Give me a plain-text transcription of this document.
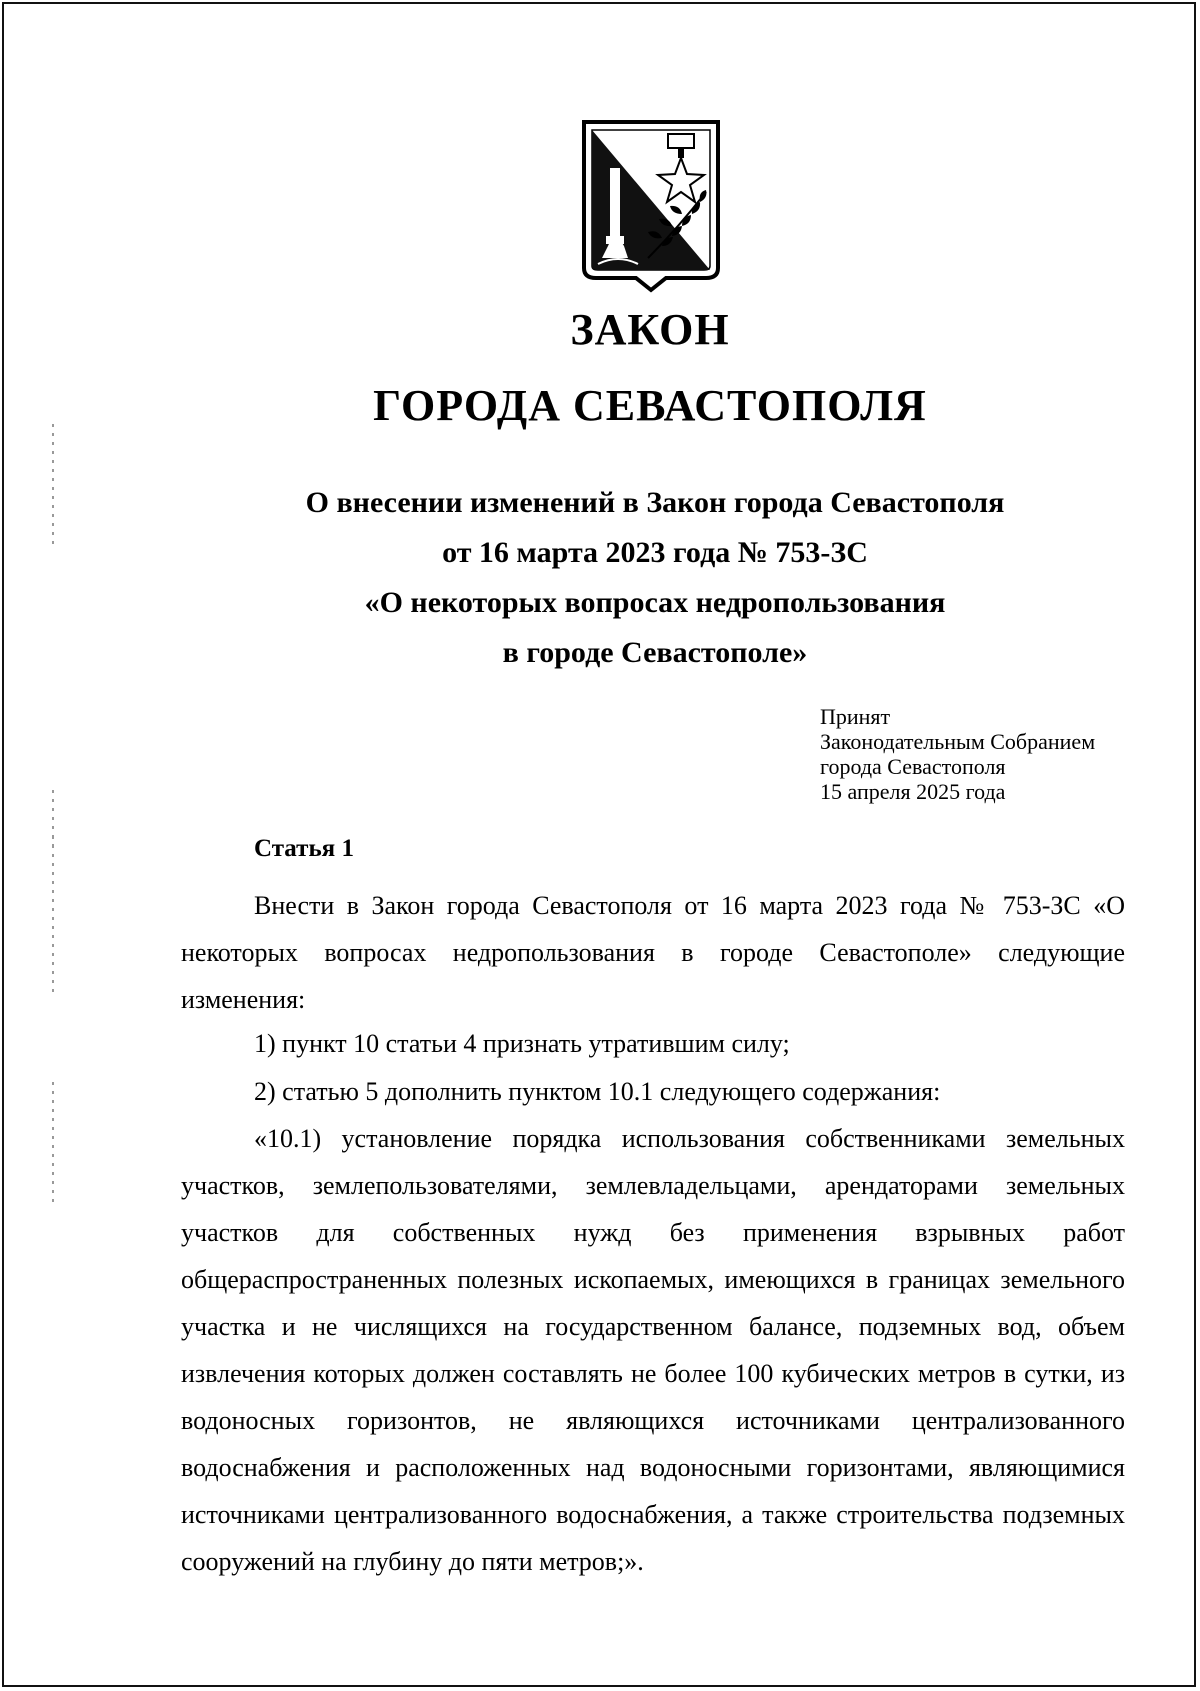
ЗАКОН
ГОРОДА СЕВАСТОПОЛЯ
О внесении изменений в Закон города Севастополя
от 16 марта 2023 года № 753-ЗС
«О некоторых вопросах недропользования
в городе Севастополе»
Принят
Законодательным Собранием
города Севастополя
15 апреля 2025 года
Статья 1

Внести в Закон города Севастополя от 16 марта 2023 года № 753-ЗС «О некоторых вопросах недропользования в городе Севастополе» следующие изменения:

1) пункт 10 статьи 4 признать утратившим силу;

2) статью 5 дополнить пунктом 10.1 следующего содержания:

«10.1) установление порядка использования собственниками земельных участков, землепользователями, землевладельцами, арендаторами земельных участков для собственных нужд без применения взрывных работ общераспространенных полезных ископаемых, имеющихся в границах земельного участка и не числящихся на государственном балансе, подземных вод, объем извлечения которых должен составлять не более 100 кубических метров в сутки, из водоносных горизонтов, не являющихся источниками централизованного водоснабжения и расположенных над водоносными горизонтами, являющимися источниками централизованного водоснабжения, а также строительства подземных сооружений на глубину до пяти метров;».
